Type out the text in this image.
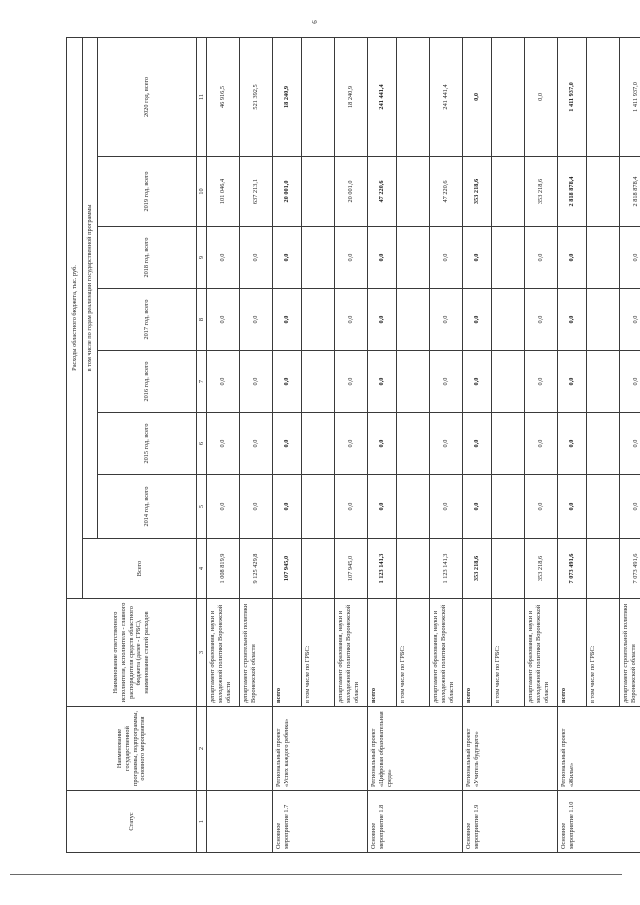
6
Статус	Наименование государственной программы, подпрограммы, основного мероприятия	Наименование ответственного исполнителя, исполнителя - главного распорядителя средств областного бюджета (далее - ГРБС), наименование статей расходов	Расходы областного бюджета, тыс. руб.							
			Всего	в том числе по годам реализации государственной программы						
				2014 год, всего	2015 год, всего	2016 год, всего	2017 год, всего	2018 год, всего	2019 год, всего	2020 год, всего
1	2	3	4	5	6	7	8	9	10	11
		департамент образования, науки и молодежной политики Воронежской области	1 008 819,9	0,0	0,0	0,0	0,0	0,0	101 046,4	46 916,5
		департамент строительной политики Воронежской области	9 125 429,8	0,0	0,0	0,0	0,0	0,0	637 213,1	521 392,5
Основное мероприятие 1.7	Региональный проект «Успех каждого ребенка»	всего	107 945,0	0,0	0,0	0,0	0,0	0,0	20 001,0	18 240,9
		в том числе по ГРБС:								
		департамент образования, науки и молодежной политики Воронежской области	107 945,0	0,0	0,0	0,0	0,0	0,0	20 001,0	18 240,9
Основное мероприятие 1.8	Региональный проект «Цифровая образовательная среда»	всего	1 123 141,3	0,0	0,0	0,0	0,0	0,0	47 220,6	241 441,4
		в том числе по ГРБС:								
		департамент образования, науки и молодежной политики Воронежской области	1 123 141,3	0,0	0,0	0,0	0,0	0,0	47 220,6	241 441,4
Основное мероприятие 1.9	Региональный проект «Учитель будущего»	всего	353 218,6	0,0	0,0	0,0	0,0	0,0	353 218,6	0,0
		в том числе по ГРБС:								
		департамент образования, науки и молодежной политики Воронежской области	353 218,6	0,0	0,0	0,0	0,0	0,0	353 218,6	0,0
Основное мероприятие 1.10	Региональный проект «Жилье»	всего	7 073 491,6	0,0	0,0	0,0	0,0	0,0	2 818 878,4	1 411 937,0
		в том числе по ГРБС:								
		департамент строительной политики Воронежской области	7 073 491,6	0,0	0,0	0,0	0,0	0,0	2 818 878,4	1 411 937,0
